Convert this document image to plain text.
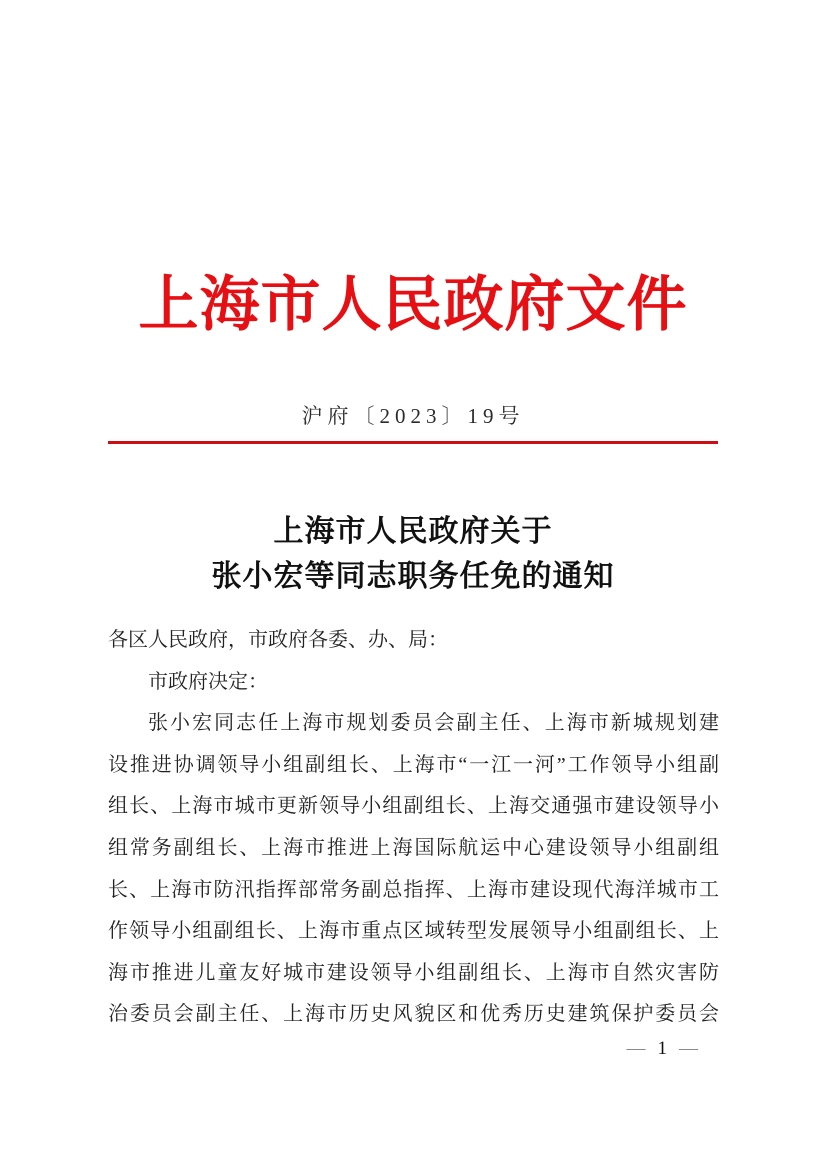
上海市人民政府文件
沪府〔2023〕19号
上海市人民政府关于
张小宏等同志职务任免的通知
各区人民政府，市政府各委、办、局：
市政府决定：
张小宏同志任上海市规划委员会副主任、上海市新城规划建
设推进协调领导小组副组长、上海市“一江一河”工作领导小组副
组长、上海市城市更新领导小组副组长、上海交通强市建设领导小
组常务副组长、上海市推进上海国际航运中心建设领导小组副组
长、上海市防汛指挥部常务副总指挥、上海市建设现代海洋城市工
作领导小组副组长、上海市重点区域转型发展领导小组副组长、上
海市推进儿童友好城市建设领导小组副组长、上海市自然灾害防
治委员会副主任、上海市历史风貌区和优秀历史建筑保护委员会
— 1 —
